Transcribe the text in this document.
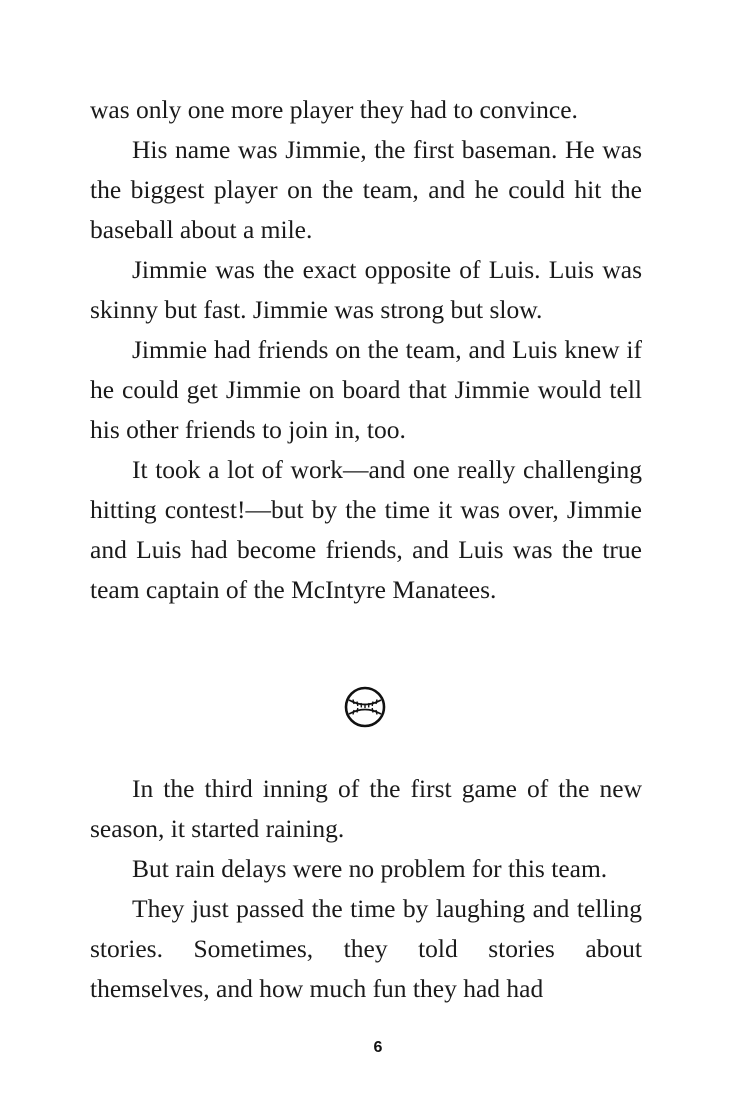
was only one more player they had to convince.

His name was Jimmie, the first baseman. He was the biggest player on the team, and he could hit the baseball about a mile.

Jimmie was the exact opposite of Luis. Luis was skinny but fast. Jimmie was strong but slow.

Jimmie had friends on the team, and Luis knew if he could get Jimmie on board that Jimmie would tell his other friends to join in, too.

It took a lot of work—and one really challenging hitting contest!—but by the time it was over, Jimmie and Luis had become friends, and Luis was the true team captain of the McIntyre Manatees.

In the third inning of the first game of the new season, it started raining.

But rain delays were no problem for this team.

They just passed the time by laughing and telling stories. Sometimes, they told stories about themselves, and how much fun they had had

6
